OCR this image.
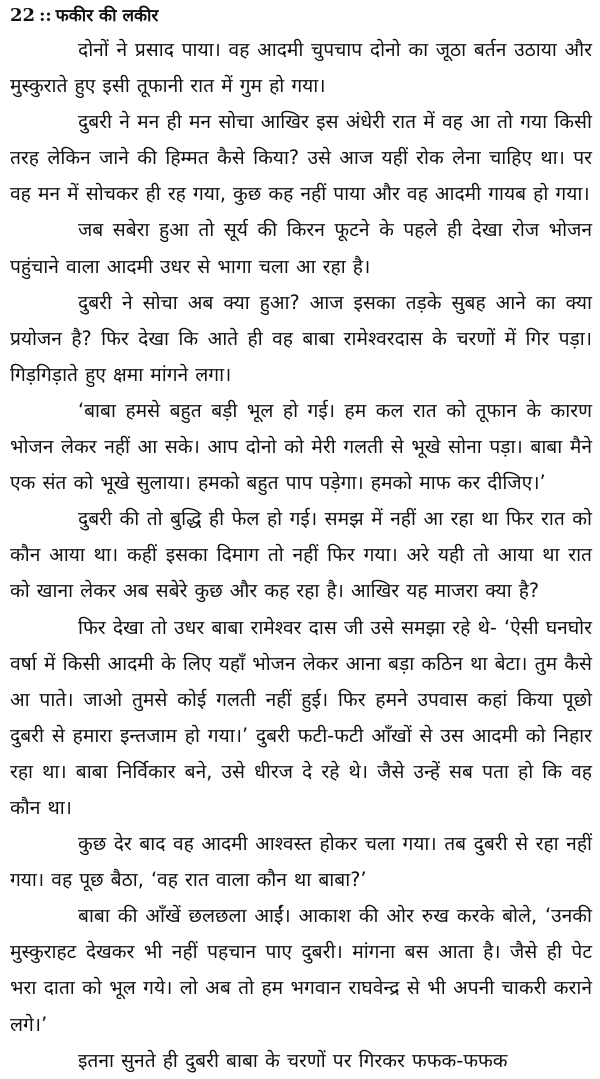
22 :: फकीर की लकीर

दोनों ने प्रसाद पाया। वह आदमी चुपचाप दोनो का जूठा बर्तन उठाया और मुस्कुराते हुए इसी तूफानी रात में गुम हो गया।

दुबरी ने मन ही मन सोचा आखिर इस अंधेरी रात में वह आ तो गया किसी तरह लेकिन जाने की हिम्मत कैसे किया? उसे आज यहीं रोक लेना चाहिए था। पर वह मन में सोचकर ही रह गया, कुछ कह नहीं पाया और वह आदमी गायब हो गया।

जब सबेरा हुआ तो सूर्य की किरन फूटने के पहले ही देखा रोज भोजन पहुंचाने वाला आदमी उधर से भागा चला आ रहा है।

दुबरी ने सोचा अब क्या हुआ? आज इसका तड़के सुबह आने का क्या प्रयोजन है? फिर देखा कि आते ही वह बाबा रामेश्वरदास के चरणों में गिर पड़ा। गिड़गिड़ाते हुए क्षमा मांगने लगा।

‘बाबा हमसे बहुत बड़ी भूल हो गई। हम कल रात को तूफान के कारण भोजन लेकर नहीं आ सके। आप दोनो को मेरी गलती से भूखे सोना पड़ा। बाबा मैने एक संत को भूखे सुलाया। हमको बहुत पाप पड़ेगा। हमको माफ कर दीजिए।’

दुबरी की तो बुद्धि ही फेल हो गई। समझ में नहीं आ रहा था फिर रात को कौन आया था। कहीं इसका दिमाग तो नहीं फिर गया। अरे यही तो आया था रात को खाना लेकर अब सबेरे कुछ और कह रहा है। आखिर यह माजरा क्या है?

फिर देखा तो उधर बाबा रामेश्वर दास जी उसे समझा रहे थे- ‘ऐसी घनघोर वर्षा में किसी आदमी के लिए यहाँ भोजन लेकर आना बड़ा कठिन था बेटा। तुम कैसे आ पाते। जाओ तुमसे कोई गलती नहीं हुई। फिर हमने उपवास कहां किया पूछो दुबरी से हमारा इन्तजाम हो गया।’ दुबरी फटी-फटी आँखों से उस आदमी को निहार रहा था। बाबा निर्विकार बने, उसे धीरज दे रहे थे। जैसे उन्हें सब पता हो कि वह कौन था।

कुछ देर बाद वह आदमी आश्वस्त होकर चला गया। तब दुबरी से रहा नहीं गया। वह पूछ बैठा, ‘वह रात वाला कौन था बाबा?’

बाबा की आँखें छलछला आईं। आकाश की ओर रुख करके बोले, ‘उनकी मुस्कुराहट देखकर भी नहीं पहचान पाए दुबरी। मांगना बस आता है। जैसे ही पेट भरा दाता को भूल गये। लो अब तो हम भगवान राघवेन्द्र से भी अपनी चाकरी कराने लगे।’

इतना सुनते ही दुबरी बाबा के चरणों पर गिरकर फफक-फफक
